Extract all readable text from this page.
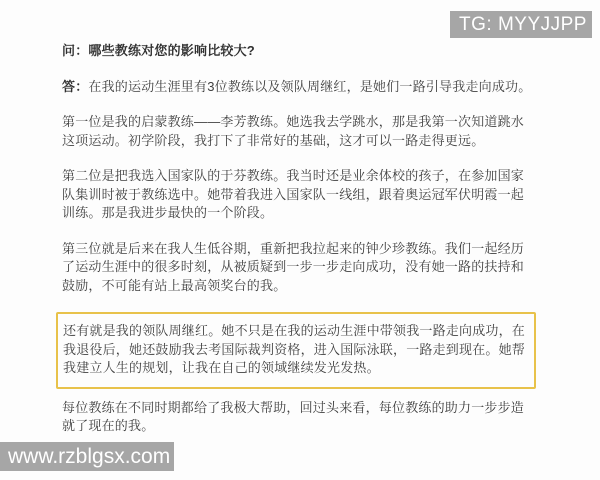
TG: MYYJJPP

问：哪些教练对您的影响比较大?

答：在我的运动生涯里有3位教练以及领队周继红，是她们一路引导我走向成功。

第一位是我的启蒙教练——李芳教练。她选我去学跳水，那是我第一次知道跳水这项运动。初学阶段，我打下了非常好的基础，这才可以一路走得更远。

第二位是把我选入国家队的于芬教练。我当时还是业余体校的孩子，在参加国家队集训时被于教练选中。她带着我进入国家队一线组，跟着奥运冠军伏明霞一起训练。那是我进步最快的一个阶段。

第三位就是后来在我人生低谷期，重新把我拉起来的钟少珍教练。我们一起经历了运动生涯中的很多时刻，从被质疑到一步一步走向成功，没有她一路的扶持和鼓励，不可能有站上最高领奖台的我。

还有就是我的领队周继红。她不只是在我的运动生涯中带领我一路走向成功，在我退役后，她还鼓励我去考国际裁判资格，进入国际泳联，一路走到现在。她帮我建立人生的规划，让我在自己的领域继续发光发热。

每位教练在不同时期都给了我极大帮助，回过头来看，每位教练的助力一步步造就了现在的我。

www.rzblgsx.com
